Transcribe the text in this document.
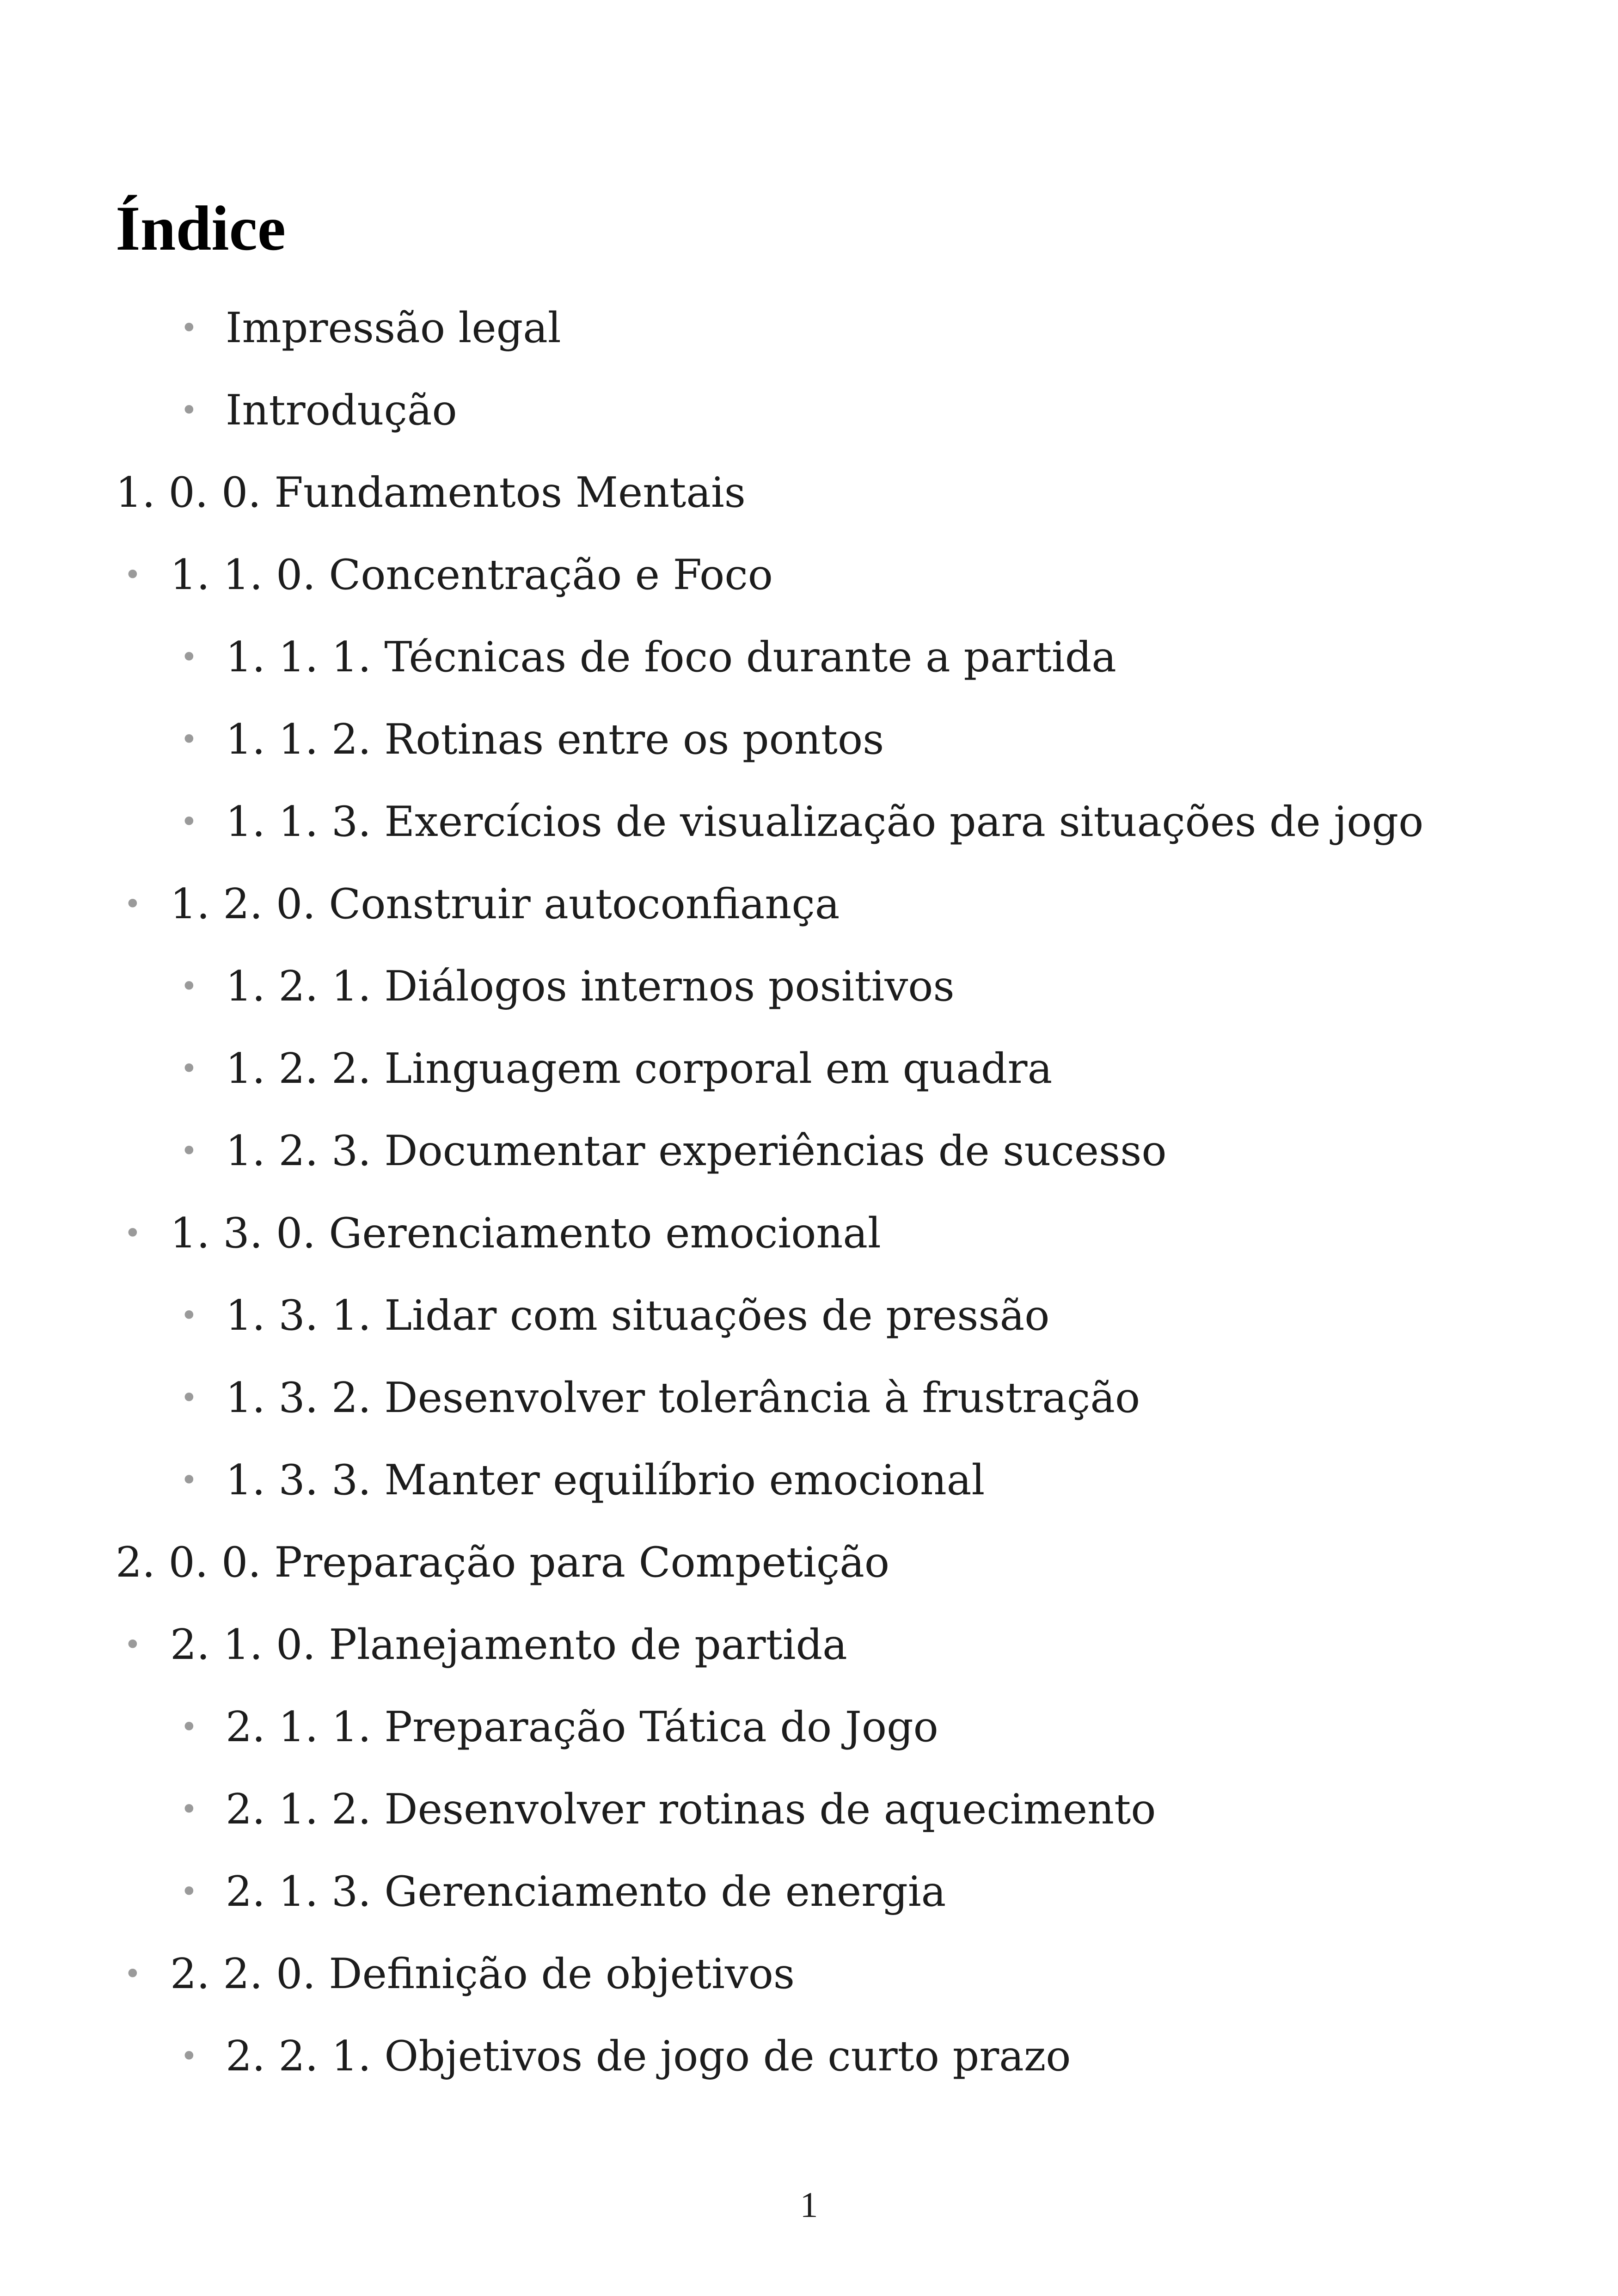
Índice
• Impressão legal
• Introdução
1. 0. 0. Fundamentos Mentais
• 1. 1. 0. Concentração e Foco
• 1. 1. 1. Técnicas de foco durante a partida
• 1. 1. 2. Rotinas entre os pontos
• 1. 1. 3. Exercícios de visualização para situações de jogo
• 1. 2. 0. Construir autoconfiança
• 1. 2. 1. Diálogos internos positivos
• 1. 2. 2. Linguagem corporal em quadra
• 1. 2. 3. Documentar experiências de sucesso
• 1. 3. 0. Gerenciamento emocional
• 1. 3. 1. Lidar com situações de pressão
• 1. 3. 2. Desenvolver tolerância à frustração
• 1. 3. 3. Manter equilíbrio emocional
2. 0. 0. Preparação para Competição
• 2. 1. 0. Planejamento de partida
• 2. 1. 1. Preparação Tática do Jogo
• 2. 1. 2. Desenvolver rotinas de aquecimento
• 2. 1. 3. Gerenciamento de energia
• 2. 2. 0. Definição de objetivos
• 2. 2. 1. Objetivos de jogo de curto prazo
1
